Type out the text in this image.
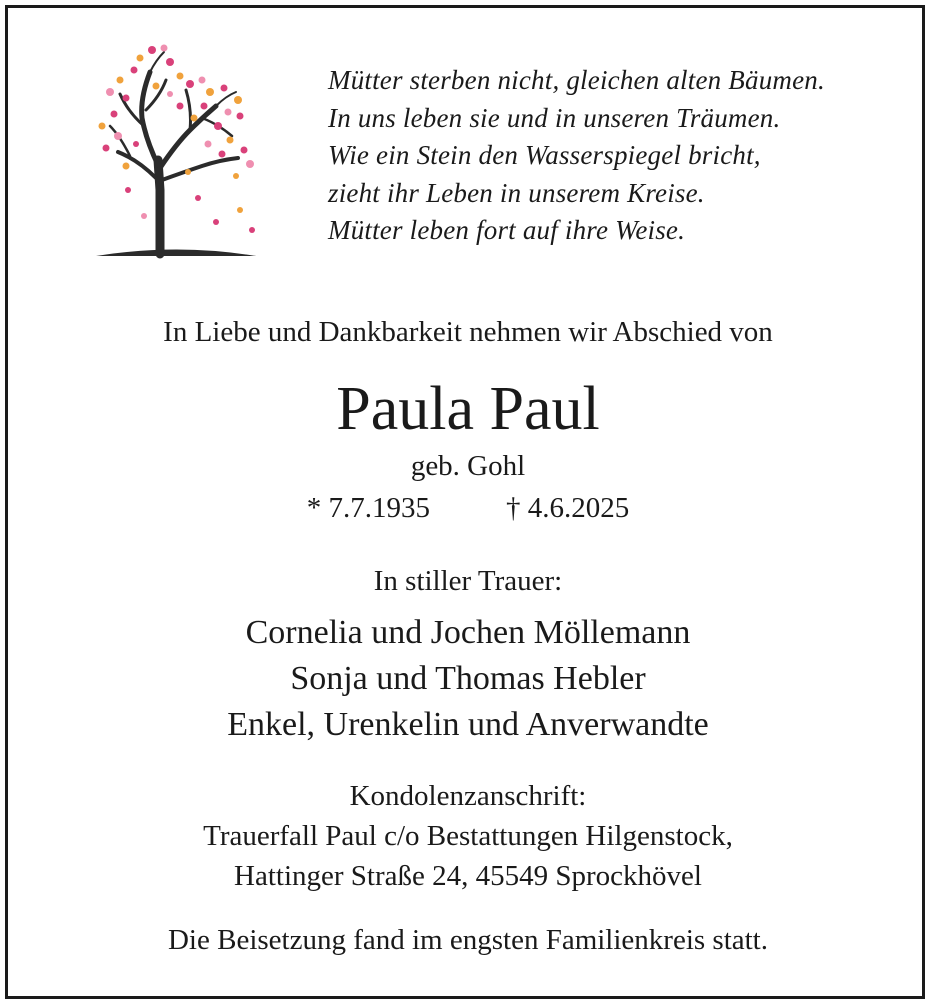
Mütter sterben nicht, gleichen alten Bäumen.
In uns leben sie und in unseren Träumen.
Wie ein Stein den Wasserspiegel bricht,
zieht ihr Leben in unserem Kreise.
Mütter leben fort auf ihre Weise.
In Liebe und Dankbarkeit nehmen wir Abschied von
Paula Paul
geb. Gohl
* 7.7.1935	† 4.6.2025
In stiller Trauer:
Cornelia und Jochen Möllemann
Sonja und Thomas Hebler
Enkel, Urenkelin und Anverwandte
Kondolenzanschrift:
Trauerfall Paul c/o Bestattungen Hilgenstock,
Hattinger Straße 24, 45549 Sprockhövel
Die Beisetzung fand im engsten Familienkreis statt.
